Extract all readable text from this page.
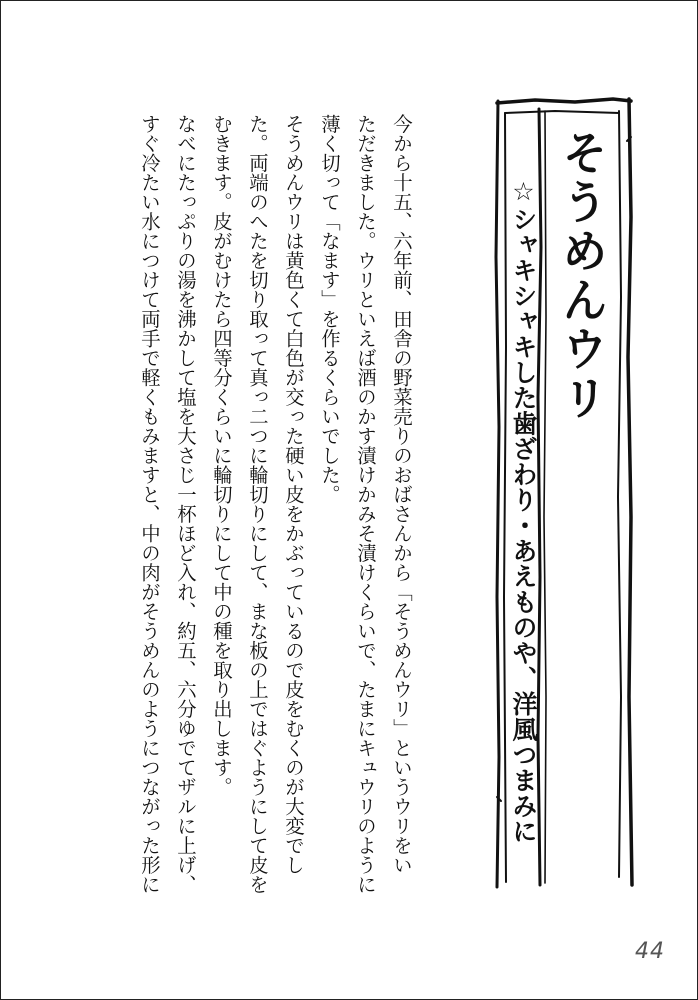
そうめんウリ
☆シャキシャキした歯ざわり・あえものや、洋風つまみに

今から十五、六年前、田舎の野菜売りのおばさんから「そうめんウリ」というウリをい

ただきました。ウリといえば酒のかす漬けかみそ漬けくらいで、たまにキュウリのように

薄く切って「なます」を作るくらいでした。

そうめんウリは黄色くて白色が交った硬い皮をかぶっているので皮をむくのが大変でし

た。両端のへたを切り取って真っ二つに輪切りにして、まな板の上ではぐようにして皮を

むきます。皮がむけたら四等分くらいに輪切りにして中の種を取り出します。

なべにたっぷりの湯を沸かして塩を大さじ一杯ほど入れ、約五、六分ゆでてザルに上げ、

すぐ冷たい水につけて両手で軽くもみますと、中の肉がそうめんのようにつながった形に

44
